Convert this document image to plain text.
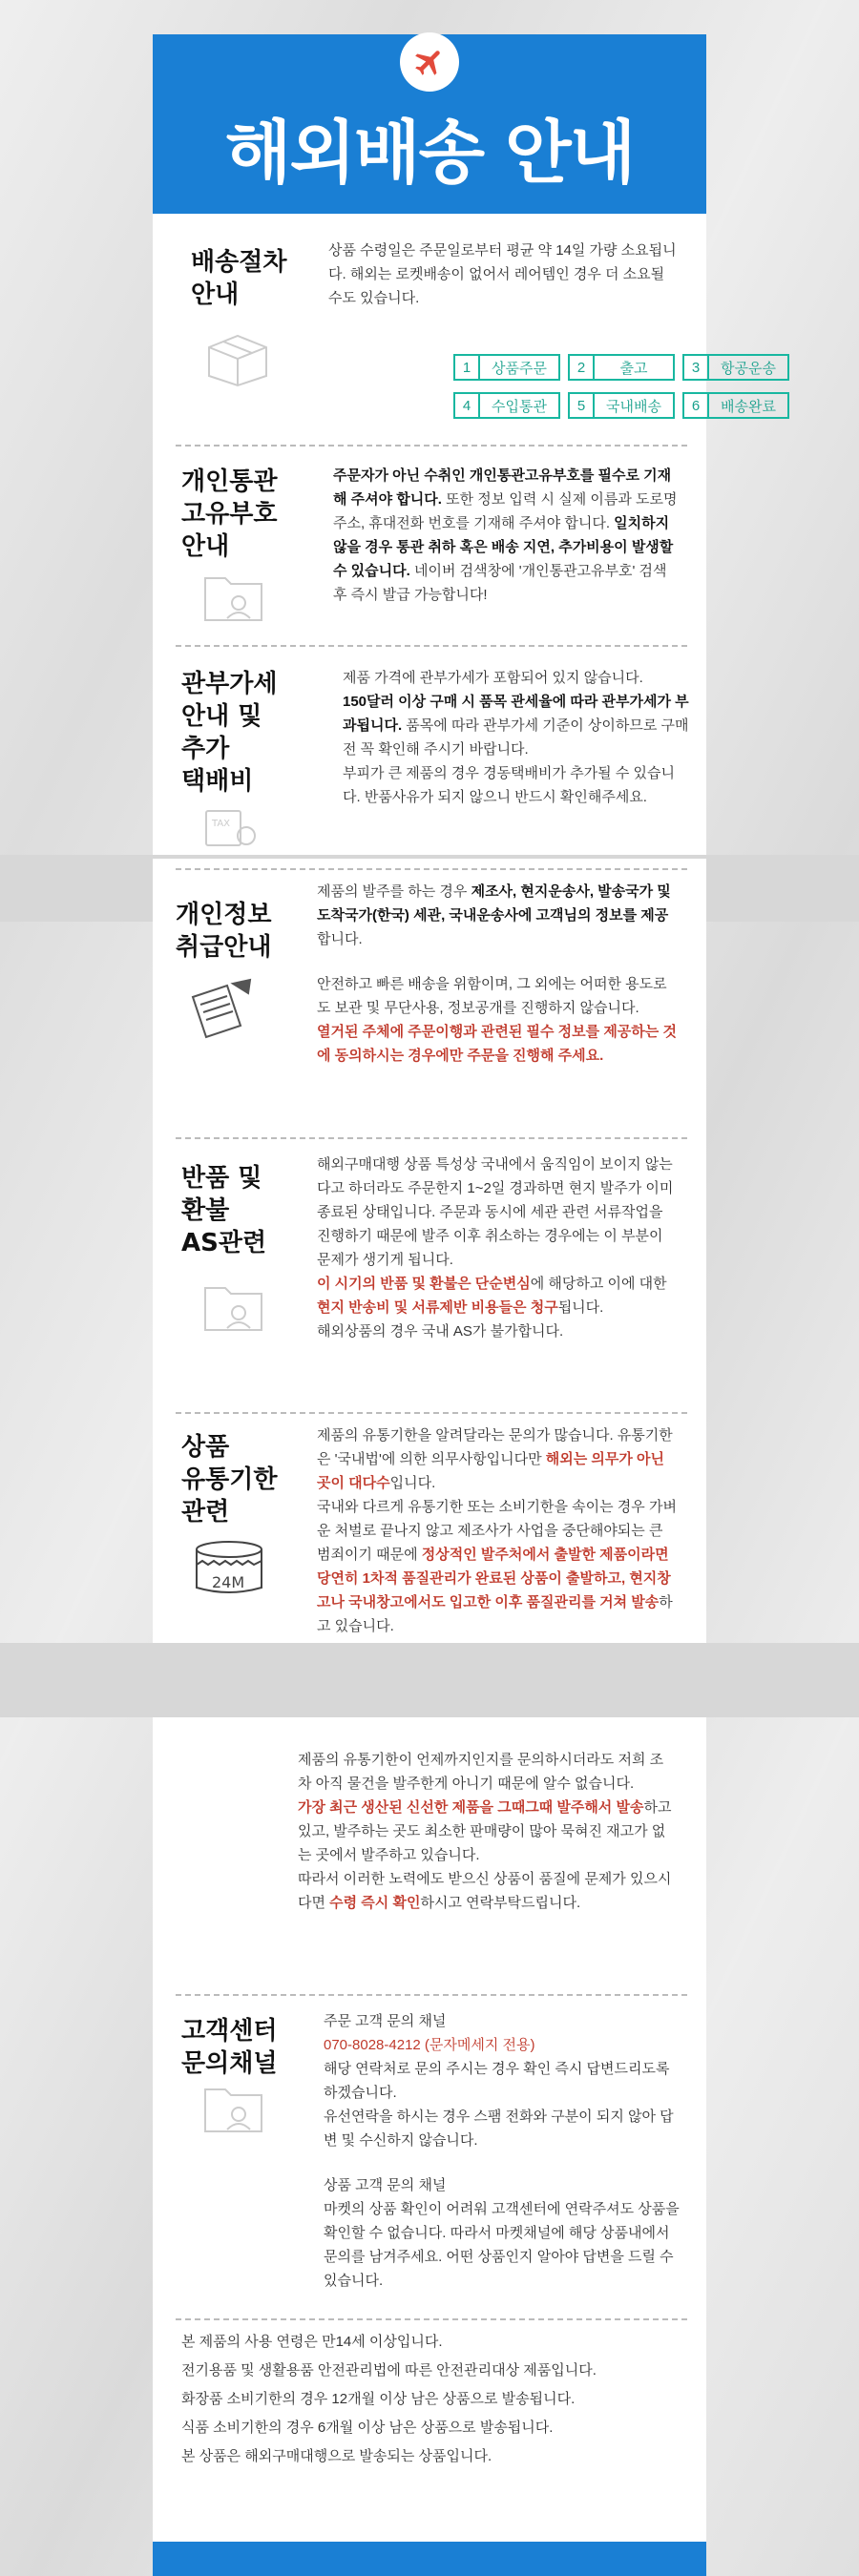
해외배송 안내
배송절차
안내
상품 수령일은 주문일로부터 평균 약 14일 가량 소요됩니다. 해외는 로켓배송이 없어서 레어템인 경우 더 소요될 수도 있습니다.
1	상품주문	2	출고	3	항공운송
4	수입통관	5	국내배송	6	배송완료
개인통관
고유부호
안내
주문자가 아닌 수취인 개인통관고유부호를 필수로 기재해 주셔야 합니다. 또한 정보 입력 시 실제 이름과 도로명 주소, 휴대전화 번호를 기재해 주셔야 합니다. 일치하지 않을 경우 통관 취하 혹은 배송 지연, 추가비용이 발생할 수 있습니다. 네이버 검색창에 '개인통관고유부호' 검색 후 즉시 발급 가능합니다!
관부가세
안내 및
추가
택배비
TAX

제품 가격에 관부가세가 포함되어 있지 않습니다.

150달러 이상 구매 시 품목 관세율에 따라 관부가세가 부과됩니다. 품목에 따라 관부가세 기준이 상이하므로 구매 전 꼭 확인해 주시기 바랍니다.

부피가 큰 제품의 경우 경동택배비가 추가될 수 있습니다. 반품사유가 되지 않으니 반드시 확인해주세요.

개인정보
취급안내

제품의 발주를 하는 경우 제조사, 현지운송사, 발송국가 및 도착국가(한국) 세관, 국내운송사에 고객님의 정보를 제공합니다.

안전하고 빠른 배송을 위함이며, 그 외에는 어떠한 용도로도 보관 및 무단사용, 정보공개를 진행하지 않습니다.

열거된 주체에 주문이행과 관련된 필수 정보를 제공하는 것에 동의하시는 경우에만 주문을 진행해 주세요.

반품 및
환불
AS관련

해외구매대행 상품 특성상 국내에서 움직임이 보이지 않는다고 하더라도 주문한지 1~2일 경과하면 현지 발주가 이미 종료된 상태입니다. 주문과 동시에 세관 관련 서류작업을 진행하기 때문에 발주 이후 취소하는 경우에는 이 부분이 문제가 생기게 됩니다.

이 시기의 반품 및 환불은 단순변심에 해당하고 이에 대한 현지 반송비 및 서류제반 비용들은 청구됩니다.

해외상품의 경우 국내 AS가 불가합니다.

상품
유통기한
관련
24M

제품의 유통기한을 알려달라는 문의가 많습니다. 유통기한은 '국내법'에 의한 의무사항입니다만 해외는 의무가 아닌 곳이 대다수입니다.

국내와 다르게 유통기한 또는 소비기한을 속이는 경우 가벼운 처벌로 끝나지 않고 제조사가 사업을 중단해야되는 큰 범죄이기 때문에 정상적인 발주처에서 출발한 제품이라면 당연히 1차적 품질관리가 완료된 상품이 출발하고, 현지창고나 국내창고에서도 입고한 이후 품질관리를 거쳐 발송하고 있습니다.

제품의 유통기한이 언제까지인지를 문의하시더라도 저희 조차 아직 물건을 발주한게 아니기 때문에 알수 없습니다.

가장 최근 생산된 신선한 제품을 그때그때 발주해서 발송하고 있고, 발주하는 곳도 최소한 판매량이 많아 묵혀진 재고가 없는 곳에서 발주하고 있습니다.

따라서 이러한 노력에도 받으신 상품이 품질에 문제가 있으시다면 수령 즉시 확인하시고 연락부탁드립니다.

고객센터
문의채널

주문 고객 문의 채널

070-8028-4212 (문자메세지 전용)

해당 연락처로 문의 주시는 경우 확인 즉시 답변드리도록 하겠습니다.

유선연락을 하시는 경우 스팸 전화와 구분이 되지 않아 답변 및 수신하지 않습니다.

상품 고객 문의 채널

마켓의 상품 확인이 어려워 고객센터에 연락주셔도 상품을 확인할 수 없습니다. 따라서 마켓채널에 해당 상품내에서 문의를 남겨주세요. 어떤 상품인지 알아야 답변을 드릴 수 있습니다.

본 제품의 사용 연령은 만14세 이상입니다.

전기용품 및 생활용품 안전관리법에 따른 안전관리대상 제품입니다.

화장품 소비기한의 경우 12개월 이상 남은 상품으로 발송됩니다.

식품 소비기한의 경우 6개월 이상 남은 상품으로 발송됩니다.

본 상품은 해외구매대행으로 발송되는 상품입니다.
